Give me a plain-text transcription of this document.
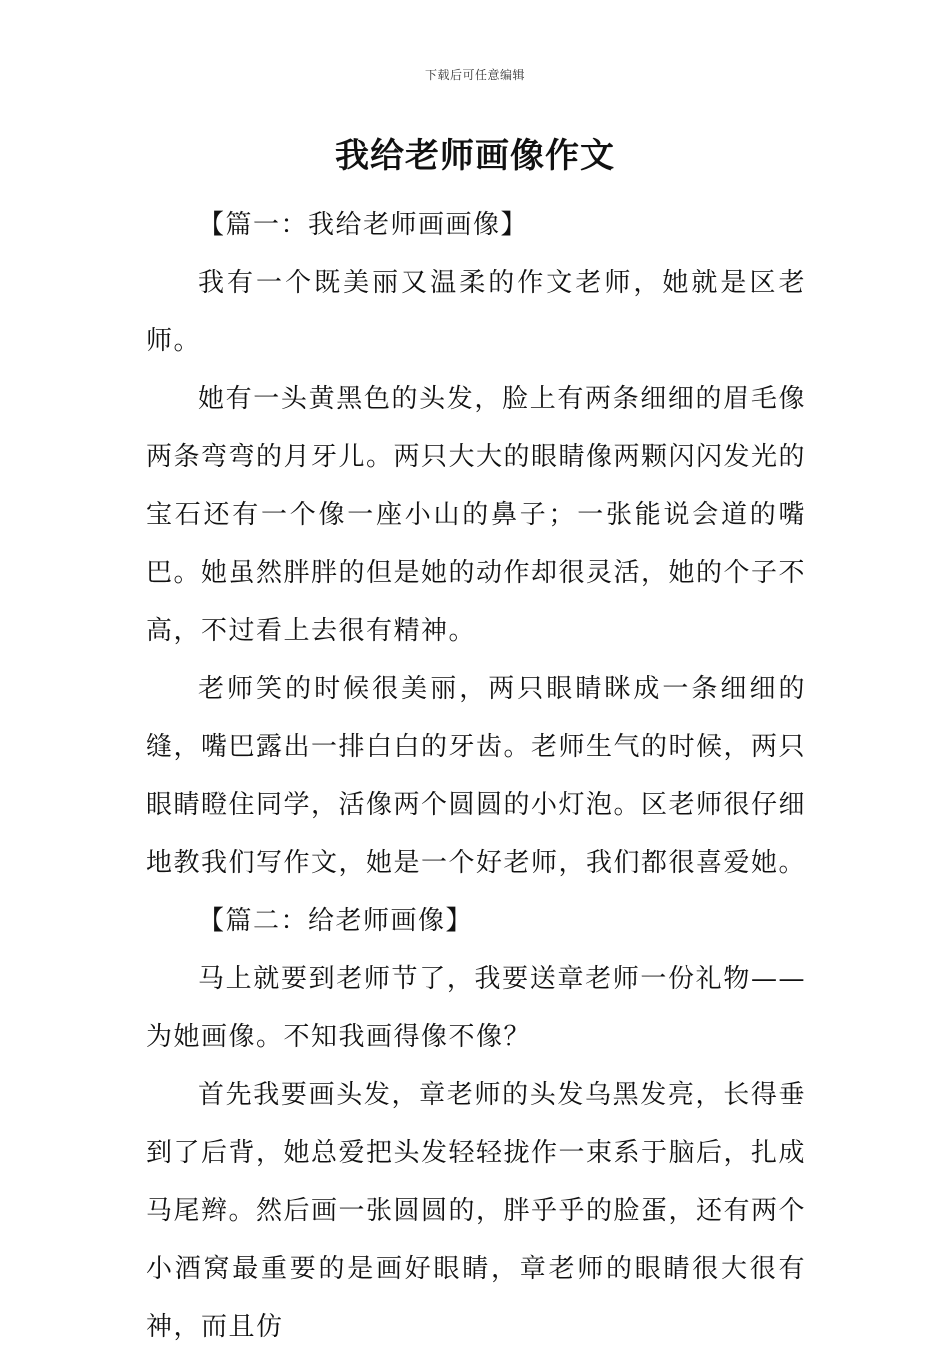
下载后可任意编辑
我给老师画像作文

【篇一：我给老师画画像】

我有一个既美丽又温柔的作文老师，她就是区老师。

她有一头黄黑色的头发，脸上有两条细细的眉毛像两条弯弯的月牙儿。两只大大的眼睛像两颗闪闪发光的宝石还有一个像一座小山的鼻子；一张能说会道的嘴巴。她虽然胖胖的但是她的动作却很灵活，她的个子不高，不过看上去很有精神。

老师笑的时候很美丽，两只眼睛眯成一条细细的缝，嘴巴露出一排白白的牙齿。老师生气的时候，两只眼睛瞪住同学，活像两个圆圆的小灯泡。区老师很仔细地教我们写作文，她是一个好老师，我们都很喜爱她。

【篇二：给老师画像】

马上就要到老师节了，我要送章老师一份礼物——为她画像。不知我画得像不像？

首先我要画头发，章老师的头发乌黑发亮，长得垂到了后背，她总爱把头发轻轻拢作一束系于脑后，扎成马尾辫。然后画一张圆圆的，胖乎乎的脸蛋，还有两个小酒窝最重要的是画好眼睛，章老师的眼睛很大很有神，而且仿
